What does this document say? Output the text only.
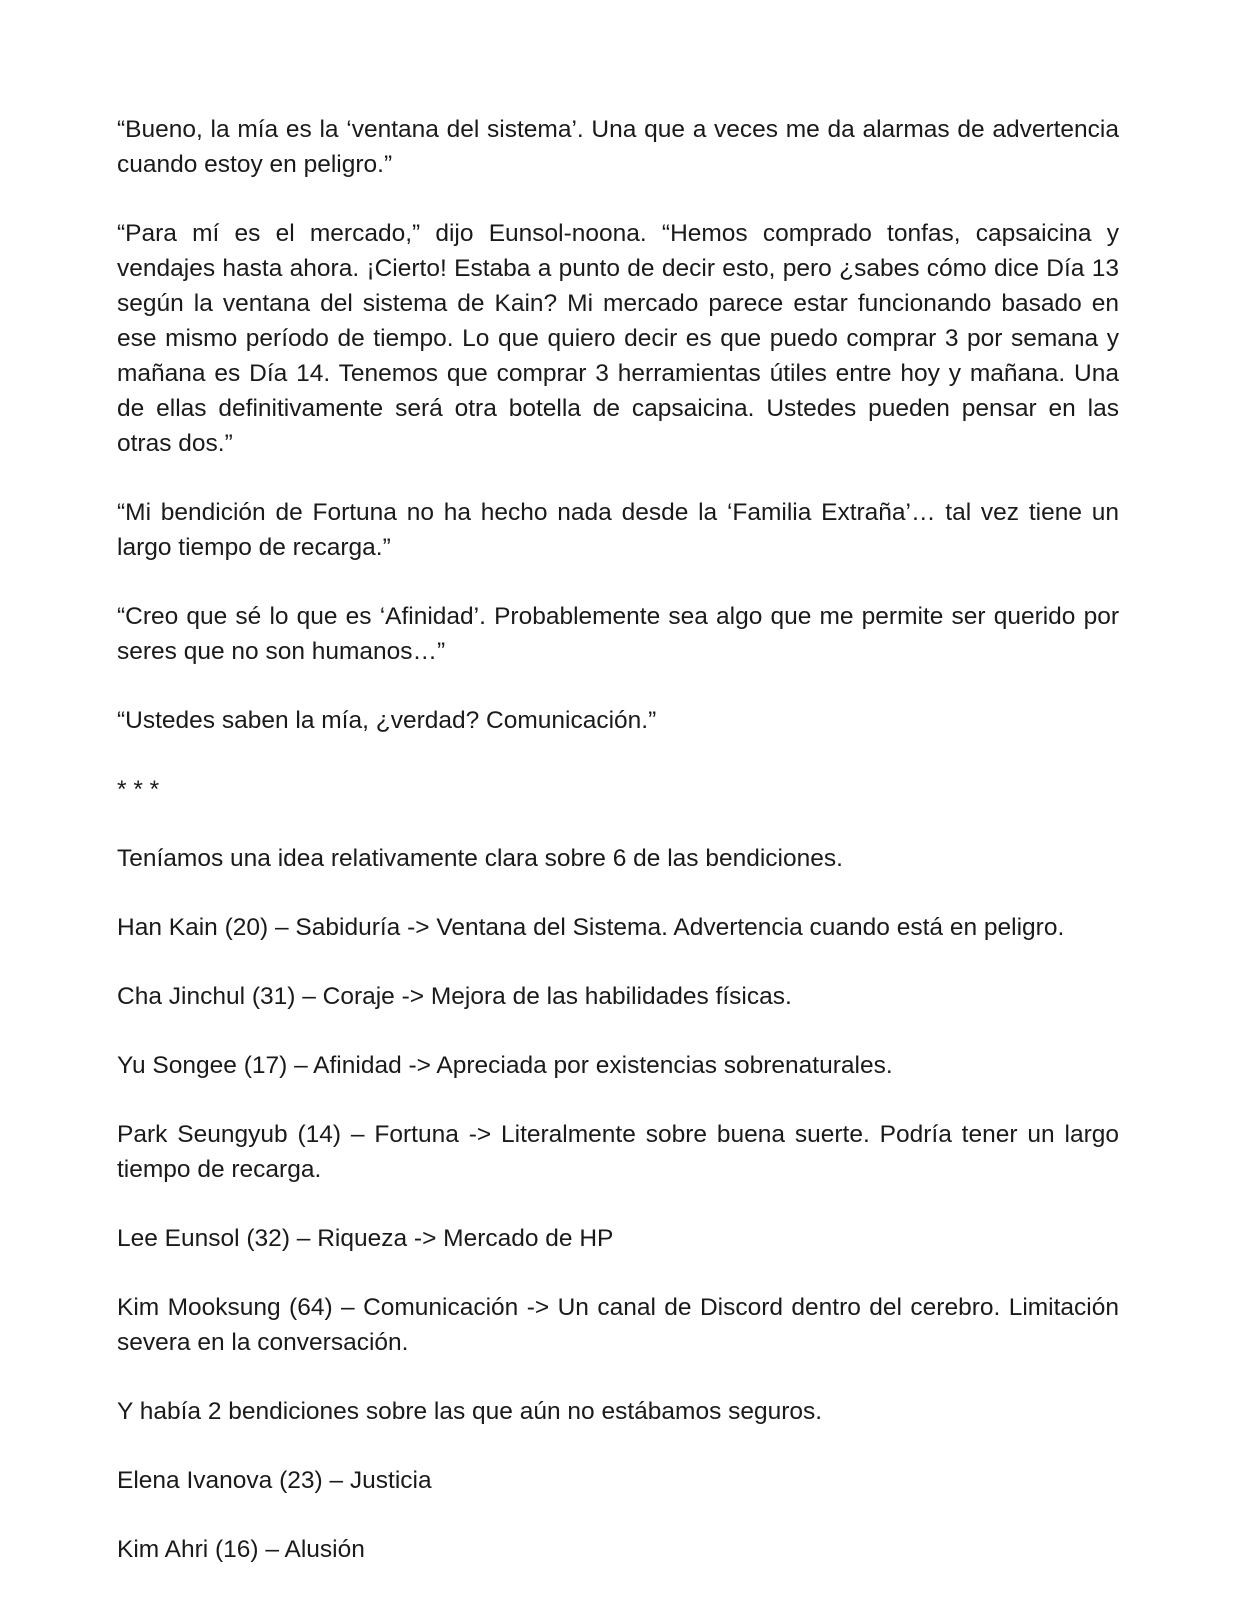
“Bueno, la mía es la ‘ventana del sistema’. Una que a veces me da alarmas de advertencia cuando estoy en peligro.”

“Para mí es el mercado,” dijo Eunsol-noona. “Hemos comprado tonfas, capsaicina y vendajes hasta ahora. ¡Cierto! Estaba a punto de decir esto, pero ¿sabes cómo dice Día 13 según la ventana del sistema de Kain? Mi mercado parece estar funcionando basado en ese mismo período de tiempo. Lo que quiero decir es que puedo comprar 3 por semana y mañana es Día 14. Tenemos que comprar 3 herramientas útiles entre hoy y mañana. Una de ellas definitivamente será otra botella de capsaicina. Ustedes pueden pensar en las otras dos.”

“Mi bendición de Fortuna no ha hecho nada desde la ‘Familia Extraña’… tal vez tiene un largo tiempo de recarga.”

“Creo que sé lo que es ‘Afinidad’. Probablemente sea algo que me permite ser querido por seres que no son humanos…”

“Ustedes saben la mía, ¿verdad? Comunicación.”

* * *

Teníamos una idea relativamente clara sobre 6 de las bendiciones.

Han Kain (20) – Sabiduría -> Ventana del Sistema. Advertencia cuando está en peligro.

Cha Jinchul (31) – Coraje -> Mejora de las habilidades físicas.

Yu Songee (17) – Afinidad -> Apreciada por existencias sobrenaturales.

Park Seungyub (14) – Fortuna -> Literalmente sobre buena suerte. Podría tener un largo tiempo de recarga.

Lee Eunsol (32) – Riqueza -> Mercado de HP

Kim Mooksung (64) – Comunicación -> Un canal de Discord dentro del cerebro. Limitación severa en la conversación.

Y había 2 bendiciones sobre las que aún no estábamos seguros.

Elena Ivanova (23) – Justicia

Kim Ahri (16) – Alusión
